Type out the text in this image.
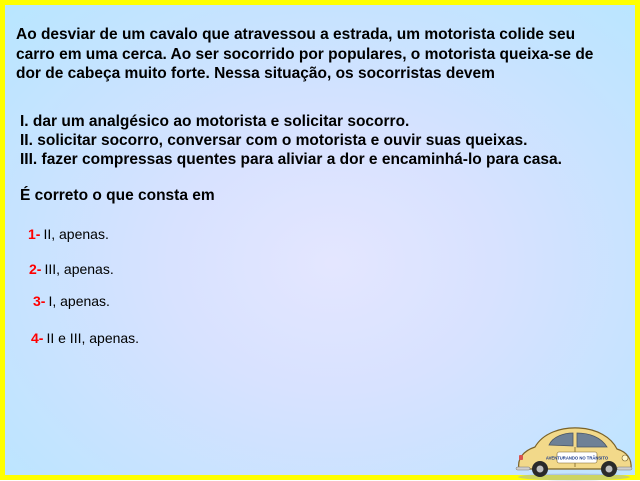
Ao desviar de um cavalo que atravessou a estrada, um motorista colide seu
carro em uma cerca. Ao ser socorrido por populares, o motorista queixa-se de
dor de cabeça muito forte. Nessa situação, os socorristas devem
I. dar um analgésico ao motorista e solicitar socorro.
II. solicitar socorro, conversar com o motorista e ouvir suas queixas.
III. fazer compressas quentes para aliviar a dor e encaminhá-lo para casa.
É correto o que consta em
1- II, apenas.
2- III, apenas.
3- I, apenas.
4- II e III, apenas.
AVENTURANDO NO TRÂNSITO
